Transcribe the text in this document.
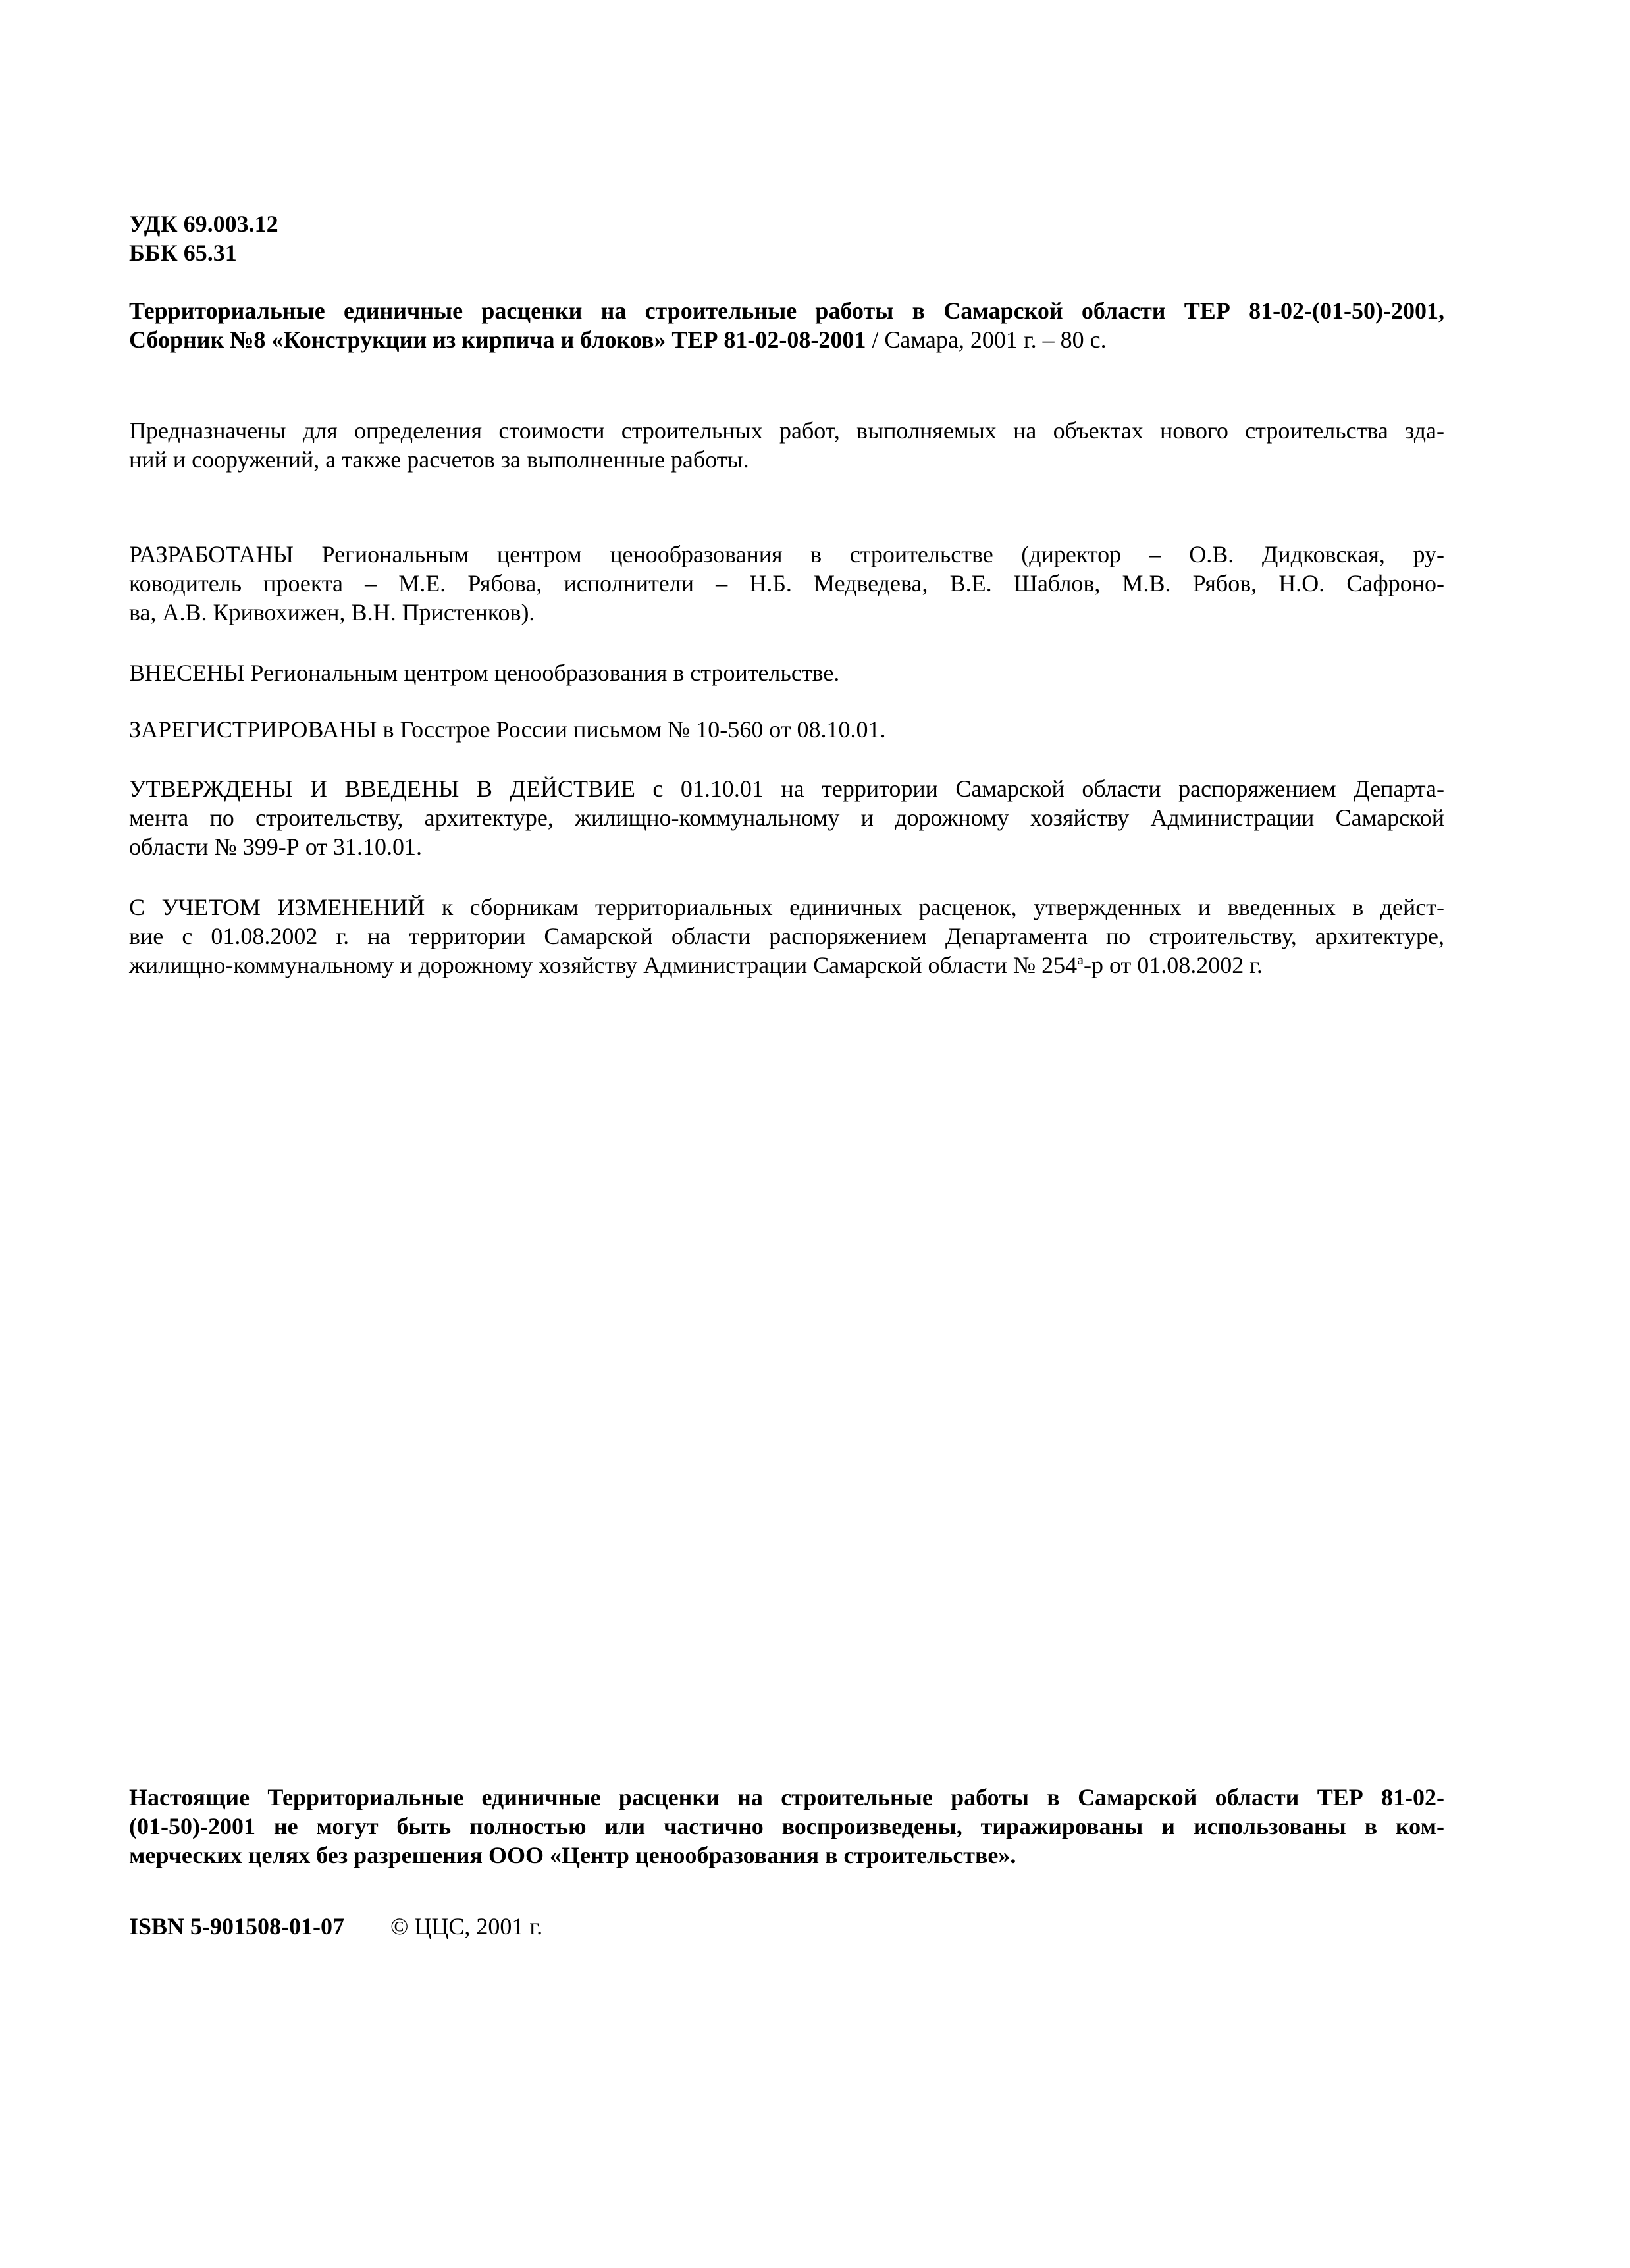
УДК 69.003.12
ББК 65.31
Территориальные единичные расценки на строительные работы в Самарской области ТЕР 81-02-(01-50)-2001,
Сборник №8 «Конструкции из кирпича и блоков» ТЕР 81-02-08-2001 / Самара, 2001 г. – 80 с.
Предназначены для определения стоимости строительных работ, выполняемых на объектах нового строительства зда-
ний и сооружений, а также расчетов за выполненные работы.
РАЗРАБОТАНЫ Региональным центром ценообразования в строительстве (директор – О.В. Дидковская, ру-
ководитель проекта – М.Е. Рябова, исполнители – Н.Б. Медведева, В.Е. Шаблов, М.В. Рябов, Н.О. Сафроно-
ва, А.В. Кривохижен, В.Н. Пристенков).
ВНЕСЕНЫ Региональным центром ценообразования в строительстве.
ЗАРЕГИСТРИРОВАНЫ в Госстрое России письмом № 10-560 от 08.10.01.
УТВЕРЖДЕНЫ И ВВЕДЕНЫ В ДЕЙСТВИЕ с 01.10.01 на территории Самарской области распоряжением Департа-
мента по строительству, архитектуре, жилищно-коммунальному и дорожному хозяйству Администрации Самарской
области № 399-Р от 31.10.01.
С УЧЕТОМ ИЗМЕНЕНИЙ к сборникам территориальных единичных расценок, утвержденных и введенных в дейст-
вие с 01.08.2002 г. на территории Самарской области распоряжением Департамента по строительству, архитектуре,
жилищно-коммунальному и дорожному хозяйству Администрации Самарской области № $254^а-р$ от 01.08.2002 г.
Настоящие Территориальные единичные расценки на строительные работы в Самарской области ТЕР 81-02-
(01-50)-2001 не могут быть полностью или частично воспроизведены, тиражированы и использованы в ком-
мерческих целях без разрешения ООО «Центр ценообразования в строительстве».
ISBN 5-901508-01-07 © ЦЦС, 2001 г.
